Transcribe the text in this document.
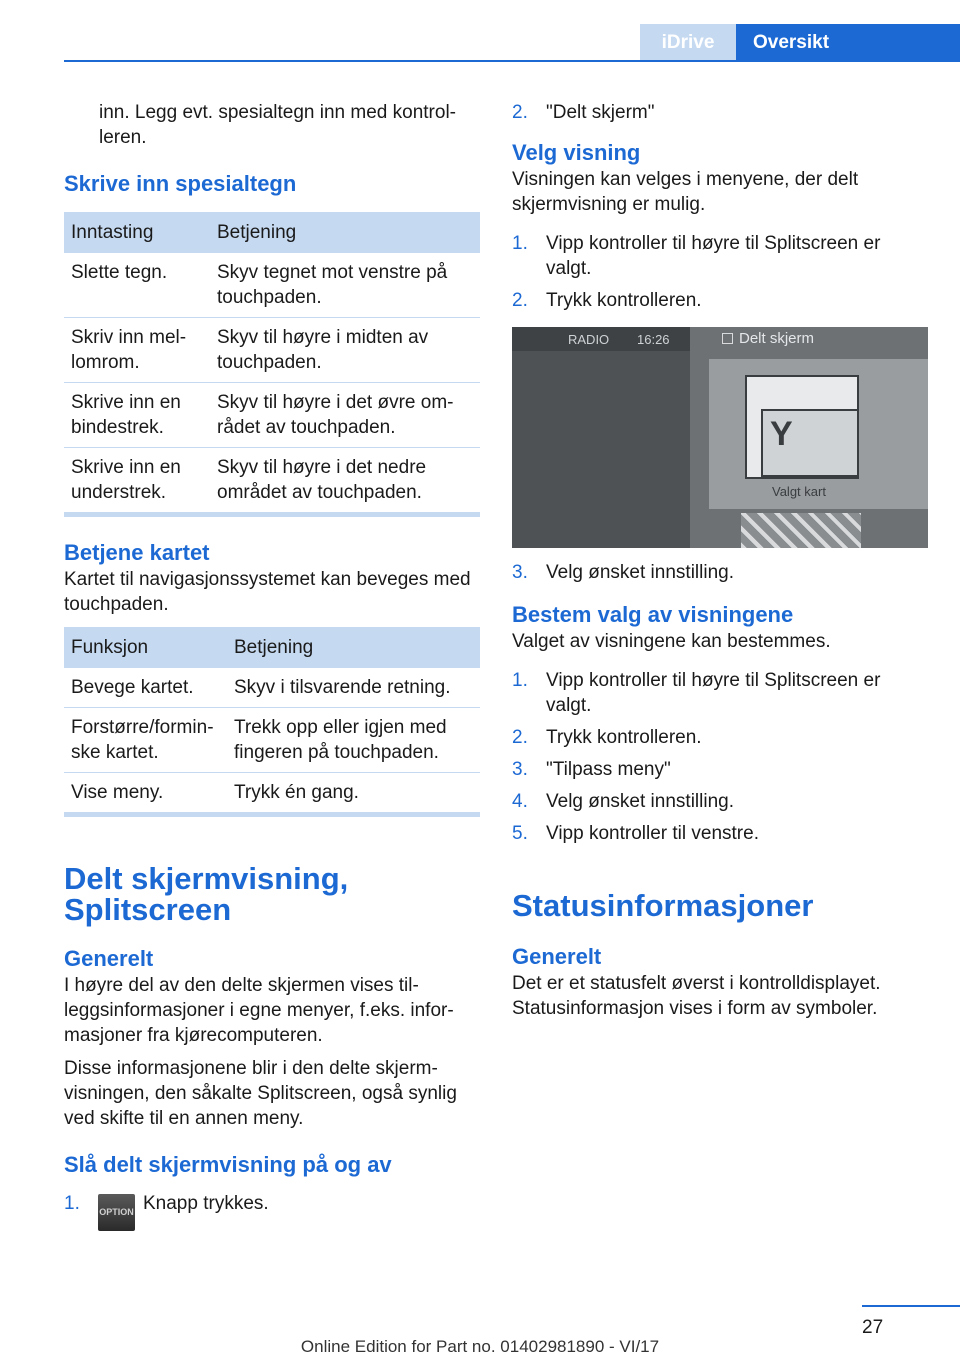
iDrive	Oversikt

inn. Legg evt. spesialtegn inn med kontrolleren.

Skrive inn spesialtegn
Inntasting	Betjening
Slette tegn.	Skyv tegnet mot venstre på touchpaden.
Skriv inn mellomrom.	Skyv til høyre i midten av touchpaden.
Skrive inn en bindestrek.	Skyv til høyre i det øvre området av touchpaden.
Skrive inn en understrek.	Skyv til høyre i det nedre området av touchpaden.
Betjene kartet

Kartet til navigasjonssystemet kan beveges med touchpaden.

Funksjon	Betjening
Bevege kartet.	Skyv i tilsvarende retning.
Forstørre/forminske kartet.	Trekk opp eller igjen med fingeren på touchpaden.
Vise meny.	Trykk én gang.
Delt skjermvisning, Splitscreen
Generelt

I høyre del av den delte skjermen vises tilleggsinformasjoner i egne menyer, f.eks. informasjoner fra kjørecomputeren.

Disse informasjonene blir i den delte skjermvisningen, den såkalte Splitscreen, også synlig ved skifte til en annen meny.

Slå delt skjermvisning på og av
1. OPTION Knapp trykkes.
2. "Delt skjerm"
Velg visning

Visningen kan velges i menyene, der delt skjermvisning er mulig.

1. Vipp kontroller til høyre til Splitscreen er valgt.
2. Trykk kontrolleren.
RADIO 16:26	Delt skjerm
Y
Valgt kart
3. Velg ønsket innstilling.
Bestem valg av visningene

Valget av visningene kan bestemmes.

1. Vipp kontroller til høyre til Splitscreen er valgt.
2. Trykk kontrolleren.
3. "Tilpass meny"
4. Velg ønsket innstilling.
5. Vipp kontroller til venstre.
Statusinformasjoner
Generelt

Det er et statusfelt øverst i kontrolldisplayet. Statusinformasjon vises i form av symboler.

27
Online Edition for Part no. 01402981890 - VI/17
